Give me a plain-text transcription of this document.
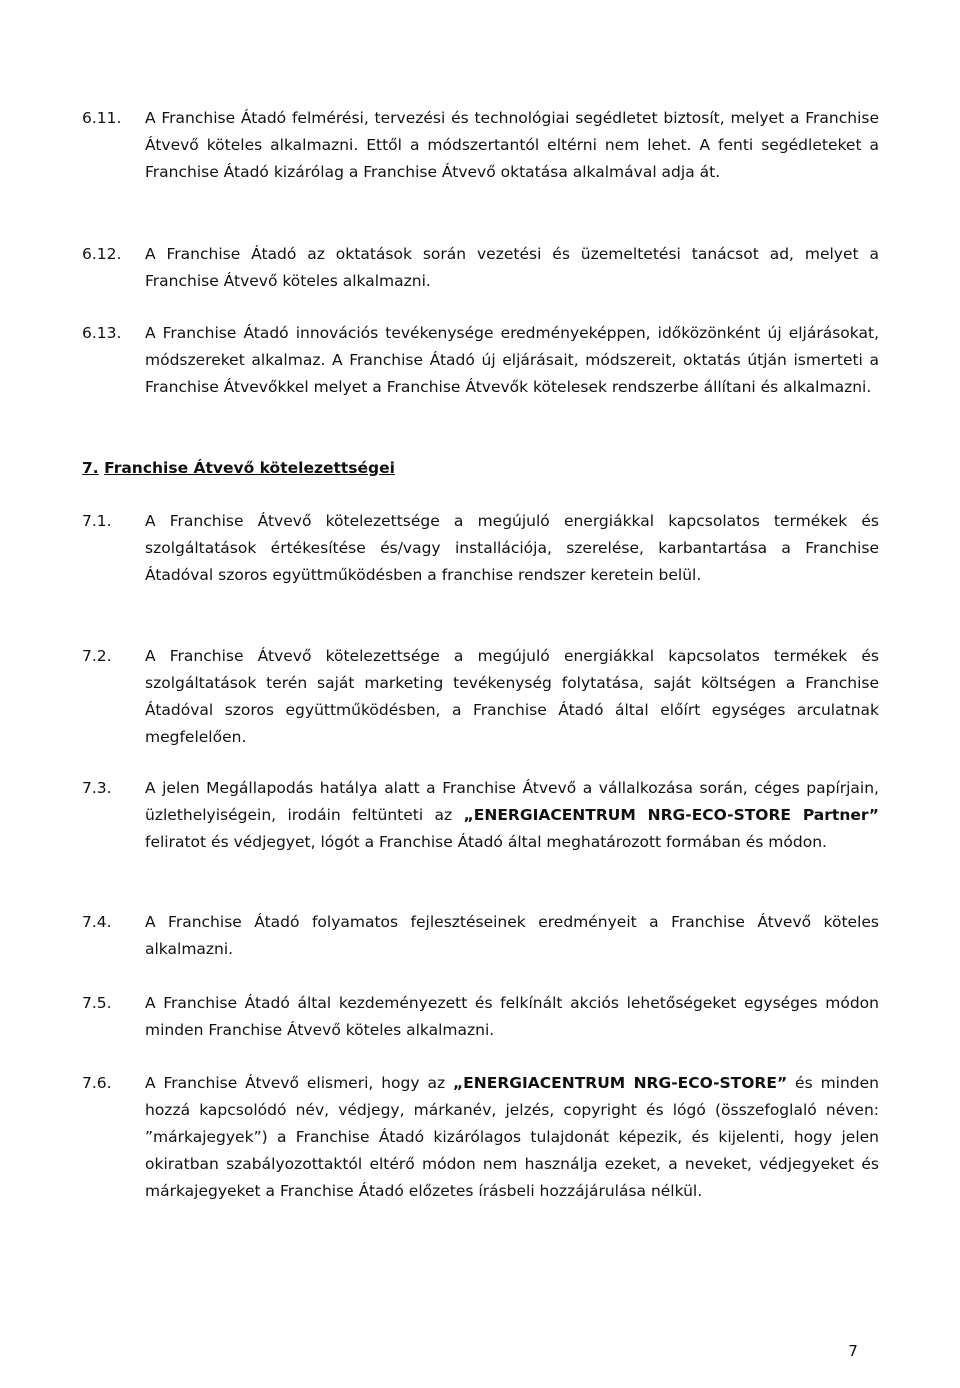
6.11. A Franchise Átadó felmérési, tervezési és technológiai segédletet biztosít, melyet a Franchise Átvevő köteles alkalmazni. Ettől a módszertantól eltérni nem lehet. A fenti segédleteket a Franchise Átadó kizárólag a Franchise Átvevő oktatása alkalmával adja át.
6.12. A Franchise Átadó az oktatások során vezetési és üzemeltetési tanácsot ad, melyet a Franchise Átvevő köteles alkalmazni.
6.13. A Franchise Átadó innovációs tevékenysége eredményeképpen, időközönként új eljárásokat, módszereket alkalmaz. A Franchise Átadó új eljárásait, módszereit, oktatás útján ismerteti a Franchise Átvevőkkel melyet a Franchise Átvevők kötelesek rendszerbe állítani és alkalmazni.
7. Franchise Átvevő kötelezettségei
7.1. A Franchise Átvevő kötelezettsége a megújuló energiákkal kapcsolatos termékek és szolgáltatások értékesítése és/vagy installációja, szerelése, karbantartása a Franchise Átadóval szoros együttműködésben a franchise rendszer keretein belül.
7.2. A Franchise Átvevő kötelezettsége a megújuló energiákkal kapcsolatos termékek és szolgáltatások terén saját marketing tevékenység folytatása, saját költségen a Franchise Átadóval szoros együttműködésben, a Franchise Átadó által előírt egységes arculatnak megfelelően.
7.3. A jelen Megállapodás hatálya alatt a Franchise Átvevő a vállalkozása során, céges papírjain, üzlethelyiségein, irodáin feltünteti az „ENERGIACENTRUM NRG-ECO-STORE Partner” feliratot és védjegyet, lógót a Franchise Átadó által meghatározott formában és módon.
7.4. A Franchise Átadó folyamatos fejlesztéseinek eredményeit a Franchise Átvevő köteles alkalmazni.
7.5. A Franchise Átadó által kezdeményezett és felkínált akciós lehetőségeket egységes módon minden Franchise Átvevő köteles alkalmazni.
7.6. A Franchise Átvevő elismeri, hogy az „ENERGIACENTRUM NRG-ECO-STORE” és minden hozzá kapcsolódó név, védjegy, márkanév, jelzés, copyright és lógó (összefoglaló néven: ”márkajegyek”) a Franchise Átadó kizárólagos tulajdonát képezik, és kijelenti, hogy jelen okiratban szabályozottaktól eltérő módon nem használja ezeket, a neveket, védjegyeket és márkajegyeket a Franchise Átadó előzetes írásbeli hozzájárulása nélkül.
7
